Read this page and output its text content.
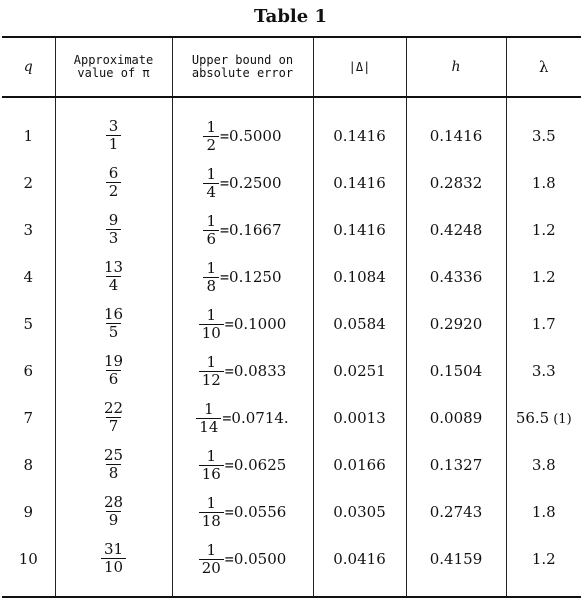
Table 1
q	Approximate value of π	Upper bound on absolute error	|Δ|	h	λ
1	$\frac{3}{1}$	$\frac{1}{2} = 0.5000$	0.1416	0.1416	3.5
2	$\frac{6}{2}$	$\frac{1}{4} = 0.2500$	0.1416	0.2832	1.8
3	$\frac{9}{3}$	$\frac{1}{6} = 0.1667$	0.1416	0.4248	1.2
4	$\frac{13}{4}$	$\frac{1}{8} = 0.1250$	0.1084	0.4336	1.2
5	$\frac{16}{5}$	$\frac{1}{10} = 0.1000$	0.0584	0.2920	1.7
6	$\frac{19}{6}$	$\frac{1}{12} = 0.0833$	0.0251	0.1504	3.3
7	$\frac{22}{7}$	$\frac{1}{14} = 0.0714$.	0.0013	0.0089	56.5 (1)
8	$\frac{25}{8}$	$\frac{1}{16} = 0.0625$	0.0166	0.1327	3.8
9	$\frac{28}{9}$	$\frac{1}{18} = 0.0556$	0.0305	0.2743	1.8
10	$\frac{31}{10}$	$\frac{1}{20} = 0.0500$	0.0416	0.4159	1.2
